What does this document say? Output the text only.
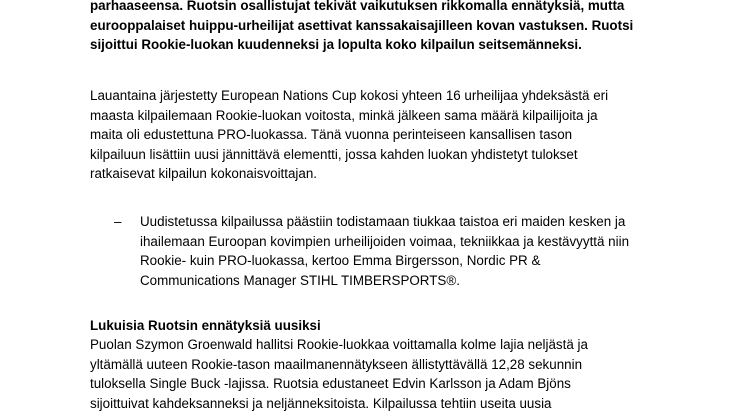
parhaaseensa. Ruotsin osallistujat tekivät vaikutuksen rikkomalla ennätyksiä, mutta
eurooppalaiset huippu-urheilijat asettivat kanssakaisajilleen kovan vastuksen. Ruotsi
sijoittui Rookie-luokan kuudenneksi ja lopulta koko kilpailun seitsemänneksi.
Lauantaina järjestetty European Nations Cup kokosi yhteen 16 urheilijaa yhdeksästä eri
maasta kilpailemaan Rookie-luokan voitosta, minkä jälkeen sama määrä kilpailijoita ja
maita oli edustettuna PRO-luokassa. Tänä vuonna perinteiseen kansallisen tason
kilpailuun lisättiin uusi jännittävä elementti, jossa kahden luokan yhdistetyt tulokset
ratkaisevat kilpailun kokonaisvoittajan.
– Uudistetussa kilpailussa päästiin todistamaan tiukkaa taistoa eri maiden kesken ja
ihailemaan Euroopan kovimpien urheilijoiden voimaa, tekniikkaa ja kestävyyttä niin
Rookie- kuin PRO-luokassa, kertoo Emma Birgersson, Nordic PR &
Communications Manager STIHL TIMBERSPORTS®.
Lukuisia Ruotsin ennätyksiä uusiksi
Puolan Szymon Groenwald hallitsi Rookie-luokkaa voittamalla kolme lajia neljästä ja
yltämällä uuteen Rookie-tason maailmanennätykseen ällistyttävällä 12,28 sekunnin
tuloksella Single Buck -lajissa. Ruotsia edustaneet Edvin Karlsson ja Adam Bjöns
sijoittuivat kahdeksanneksi ja neljänneksitoista. Kilpailussa tehtiin useita uusia
